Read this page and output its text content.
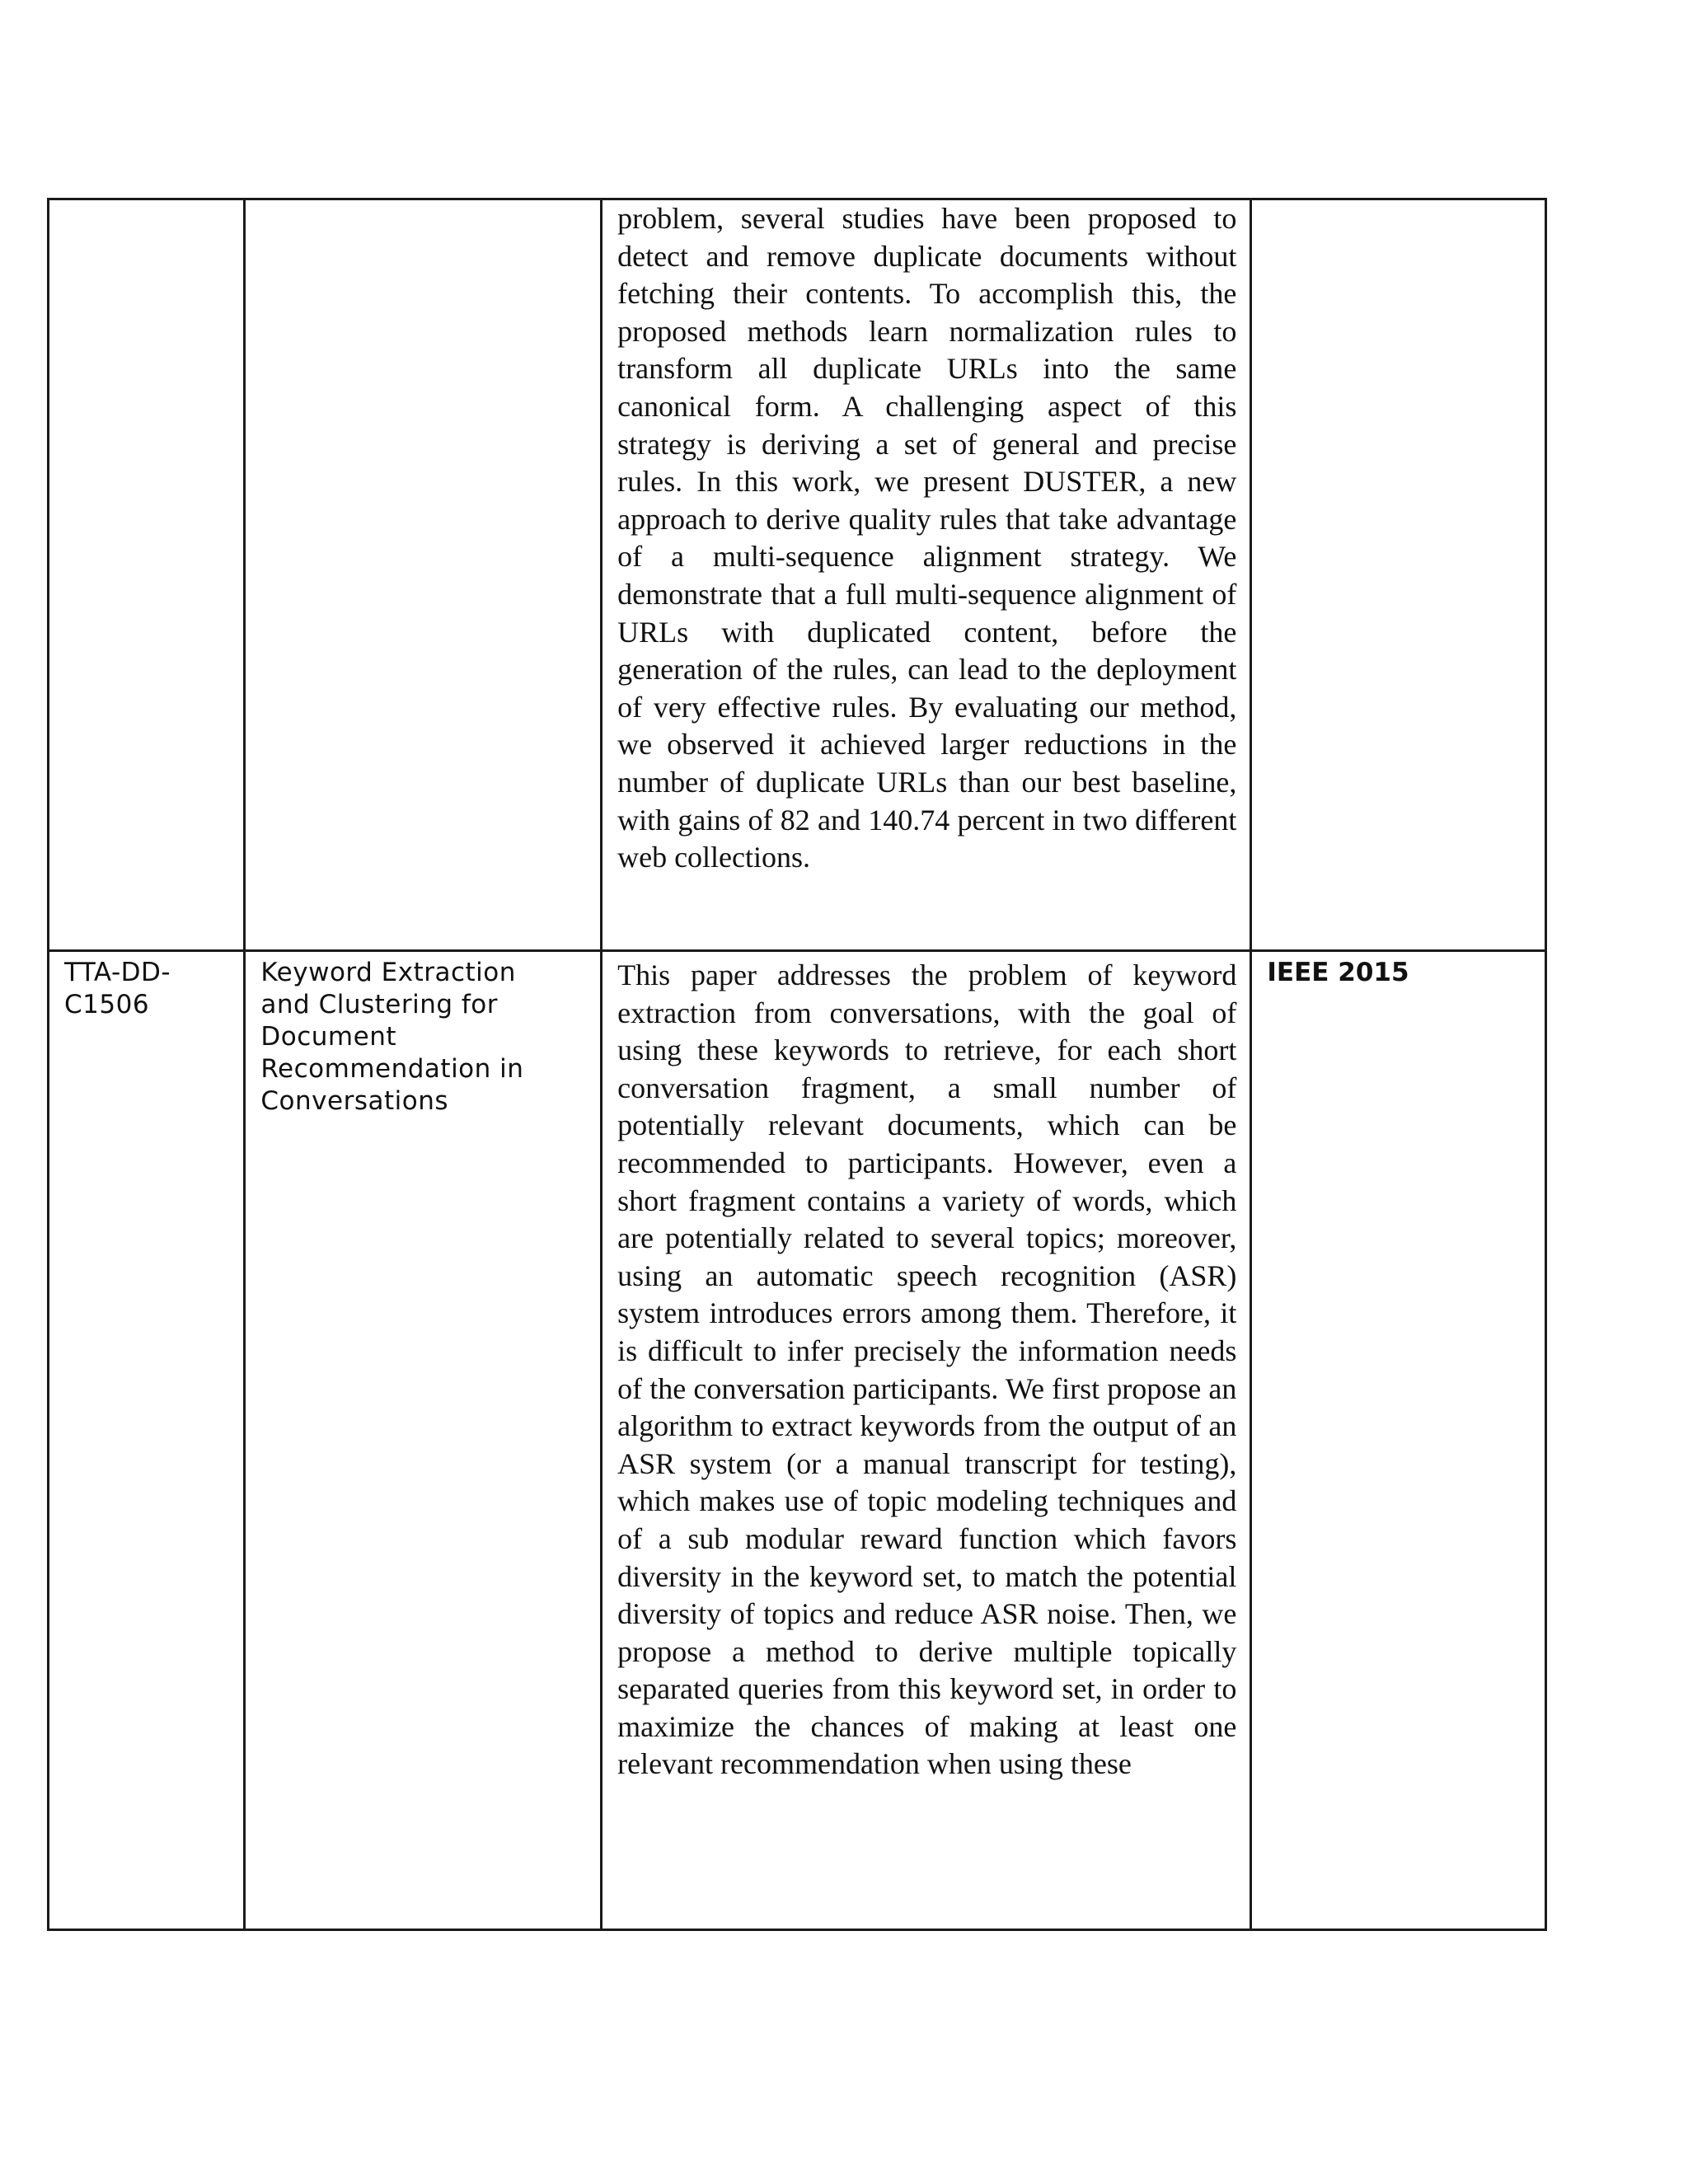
		problem, several studies have been proposed to detect and remove duplicate documents without fetching their contents. To accomplish this, the proposed methods learn normalization rules to transform all duplicate URLs into the same canonical form. A challenging aspect of this strategy is deriving a set of general and precise rules. In this work, we present DUSTER, a new approach to derive quality rules that take advantage of a multi-sequence alignment strategy. We demonstrate that a full multi-sequence alignment of URLs with duplicated content, before the generation of the rules, can lead to the deployment of very effective rules. By evaluating our method, we observed it achieved larger reductions in the number of duplicate URLs than our best baseline, with gains of 82 and 140.74 percent in two different web collections.	

TTA-DD-C1506	Keyword Extraction and Clustering for Document Recommendation in Conversations	This paper addresses the problem of keyword extraction from conversations, with the goal of using these keywords to retrieve, for each short conversation fragment, a small number of potentially relevant documents, which can be recommended to participants. However, even a short fragment contains a variety of words, which are potentially related to several topics; moreover, using an automatic speech recognition (ASR) system introduces errors among them. Therefore, it is difficult to infer precisely the information needs of the conversation participants. We first propose an algorithm to extract keywords from the output of an ASR system (or a manual transcript for testing), which makes use of topic modeling techniques and of a sub modular reward function which favors diversity in the keyword set, to match the potential diversity of topics and reduce ASR noise. Then, we propose a method to derive multiple topically separated queries from this keyword set, in order to maximize the chances of making at least one relevant recommendation when using these	IEEE 2015
